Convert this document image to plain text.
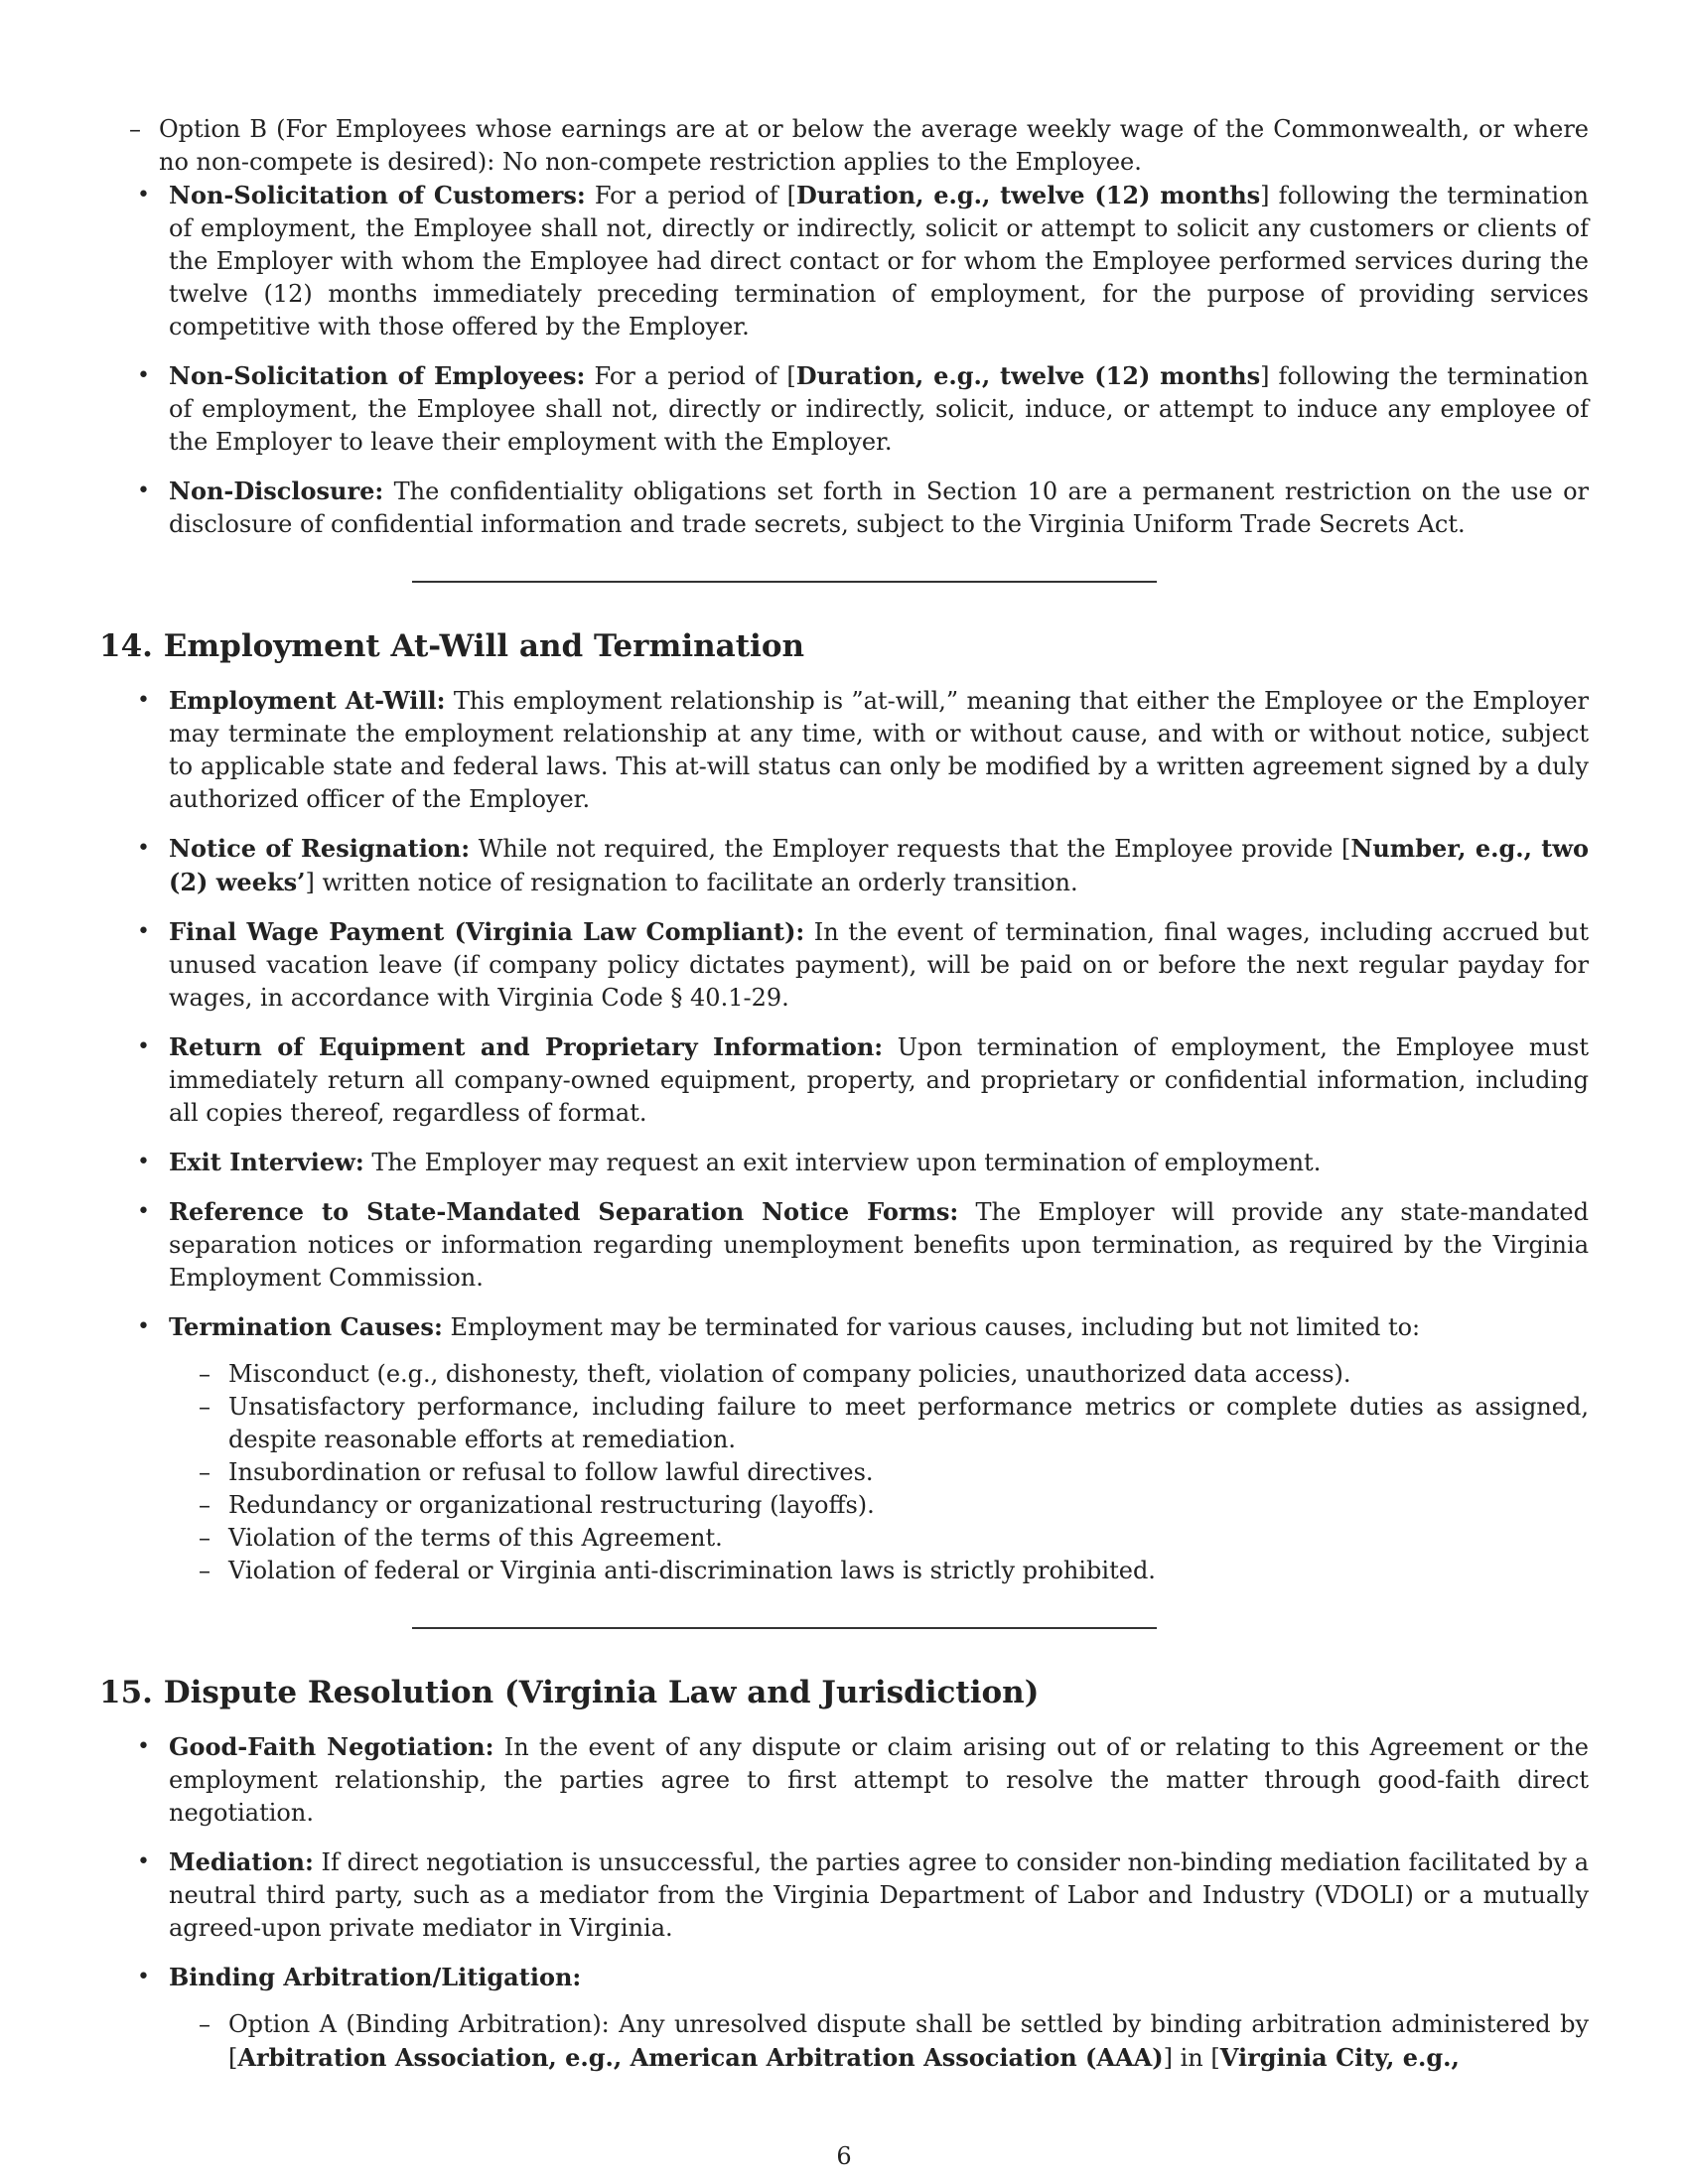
– Option B (For Employees whose earnings are at or below the average weekly wage of the Commonwealth, or where no non-compete is desired): No non-compete restriction applies to the Employee.
• Non-Solicitation of Customers: For a period of [Duration, e.g., twelve (12) months] following the termination of employment, the Employee shall not, directly or indirectly, solicit or attempt to solicit any customers or clients of the Employer with whom the Employee had direct contact or for whom the Employee performed services during the twelve (12) months immediately preceding termination of employment, for the purpose of providing services competitive with those offered by the Employer.
• Non-Solicitation of Employees: For a period of [Duration, e.g., twelve (12) months] following the termination of employment, the Employee shall not, directly or indirectly, solicit, induce, or attempt to induce any employee of the Employer to leave their employment with the Employer.
• Non-Disclosure: The confidentiality obligations set forth in Section 10 are a permanent restriction on the use or disclosure of confidential information and trade secrets, subject to the Virginia Uniform Trade Secrets Act.
14. Employment At-Will and Termination
• Employment At-Will: This employment relationship is ”at-will,” meaning that either the Employee or the Employer may terminate the employment relationship at any time, with or without cause, and with or without notice, subject to applicable state and federal laws. This at-will status can only be modified by a written agreement signed by a duly authorized officer of the Employer.
• Notice of Resignation: While not required, the Employer requests that the Employee provide [Number, e.g., two (2) weeks’] written notice of resignation to facilitate an orderly transition.
• Final Wage Payment (Virginia Law Compliant): In the event of termination, final wages, including accrued but unused vacation leave (if company policy dictates payment), will be paid on or before the next regular payday for wages, in accordance with Virginia Code § 40.1-29.
• Return of Equipment and Proprietary Information: Upon termination of employment, the Employee must immediately return all company-owned equipment, property, and proprietary or confidential information, including all copies thereof, regardless of format.
• Exit Interview: The Employer may request an exit interview upon termination of employment.
• Reference to State-Mandated Separation Notice Forms: The Employer will provide any state-mandated separation notices or information regarding unemployment benefits upon termination, as required by the Virginia Employment Commission.
• Termination Causes: Employment may be terminated for various causes, including but not limited to:
– Misconduct (e.g., dishonesty, theft, violation of company policies, unauthorized data access).
– Unsatisfactory performance, including failure to meet performance metrics or complete duties as assigned, despite reasonable efforts at remediation.
– Insubordination or refusal to follow lawful directives.
– Redundancy or organizational restructuring (layoffs).
– Violation of the terms of this Agreement.
– Violation of federal or Virginia anti-discrimination laws is strictly prohibited.
15. Dispute Resolution (Virginia Law and Jurisdiction)
• Good-Faith Negotiation: In the event of any dispute or claim arising out of or relating to this Agreement or the employment relationship, the parties agree to first attempt to resolve the matter through good-faith direct negotiation.
• Mediation: If direct negotiation is unsuccessful, the parties agree to consider non-binding mediation facilitated by a neutral third party, such as a mediator from the Virginia Department of Labor and Industry (VDOLI) or a mutually agreed-upon private mediator in Virginia.
• Binding Arbitration/Litigation:
– Option A (Binding Arbitration): Any unresolved dispute shall be settled by binding arbitration administered by [Arbitration Association, e.g., American Arbitration Association (AAA)] in [Virginia City, e.g.,
6
